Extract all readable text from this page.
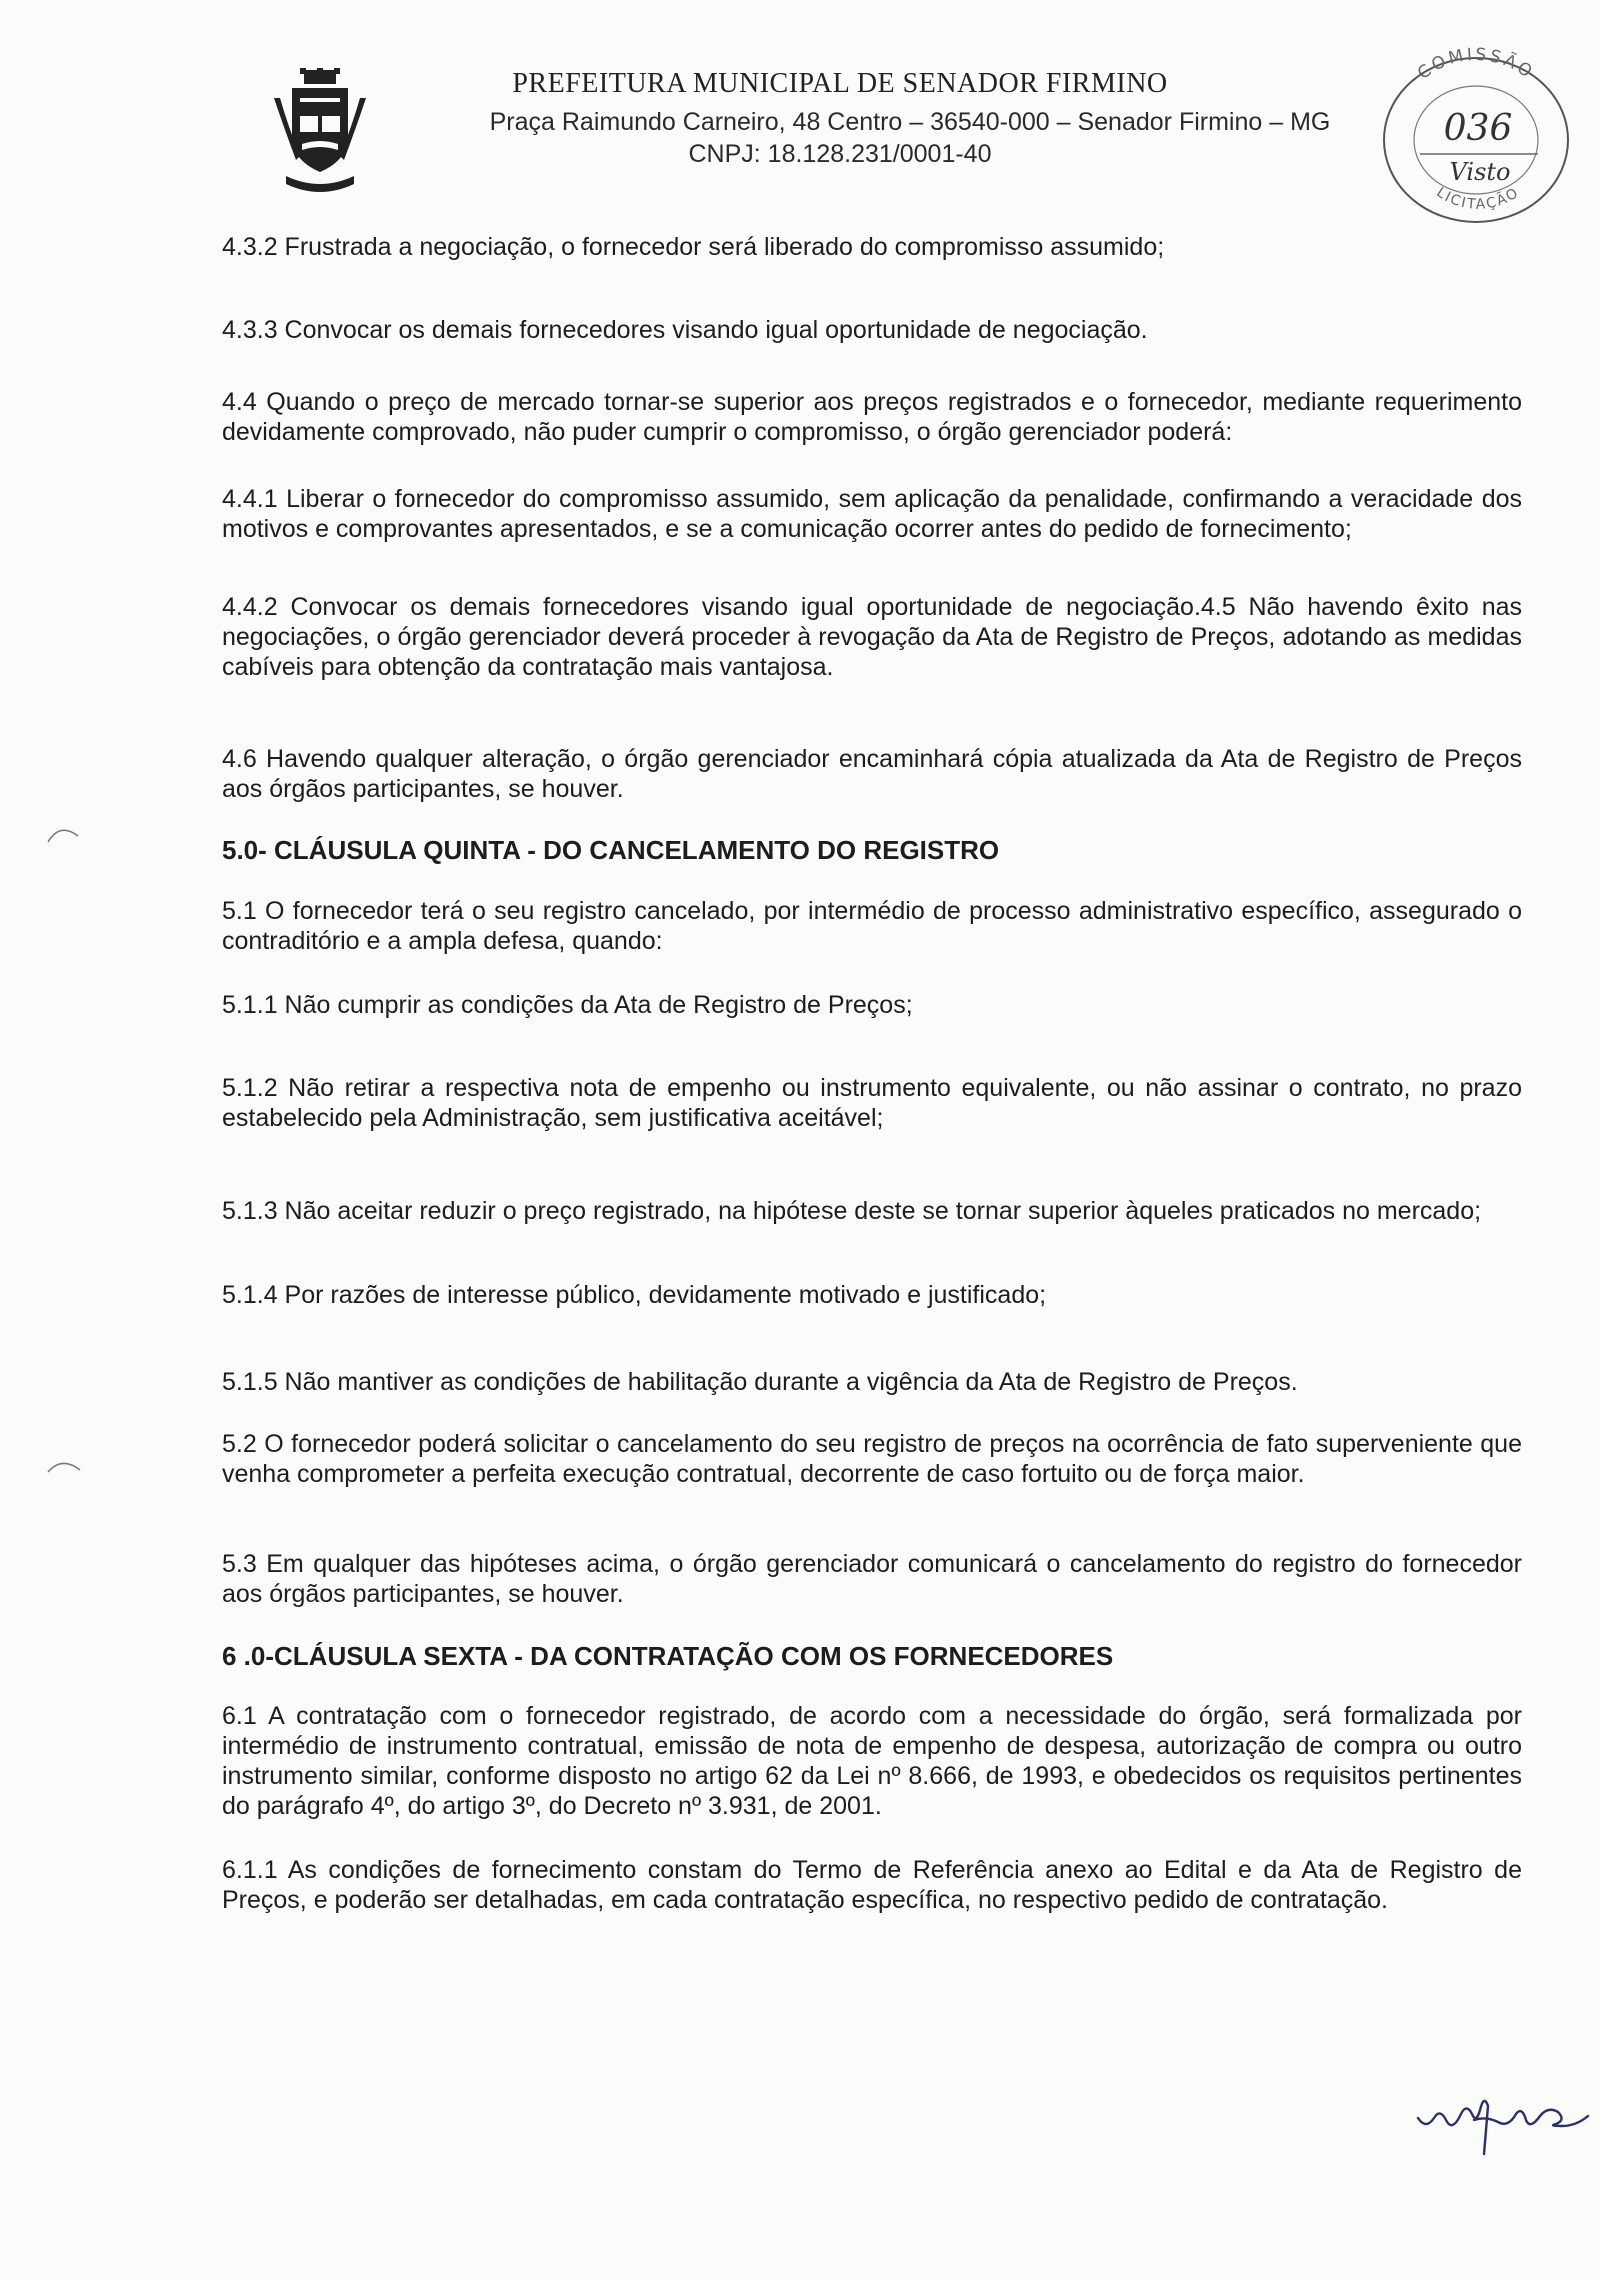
PREFEITURA MUNICIPAL DE SENADOR FIRMINO
Praça Raimundo Carneiro, 48 Centro – 36540-000 – Senador Firmino – MG
CNPJ: 18.128.231/0001-40
COMISSÃO
LICITAÇÃO
036
Visto

4.3.2 Frustrada a negociação, o fornecedor será liberado do compromisso assumido;

4.3.3 Convocar os demais fornecedores visando igual oportunidade de negociação.

4.4 Quando o preço de mercado tornar-se superior aos preços registrados e o fornecedor, mediante requerimento devidamente comprovado, não puder cumprir o compromisso, o órgão gerenciador poderá:

4.4.1 Liberar o fornecedor do compromisso assumido, sem aplicação da penalidade, confirmando a veracidade dos motivos e comprovantes apresentados, e se a comunicação ocorrer antes do pedido de fornecimento;

4.4.2 Convocar os demais fornecedores visando igual oportunidade de negociação.4.5 Não havendo êxito nas negociações, o órgão gerenciador deverá proceder à revogação da Ata de Registro de Preços, adotando as medidas cabíveis para obtenção da contratação mais vantajosa.

4.6 Havendo qualquer alteração, o órgão gerenciador encaminhará cópia atualizada da Ata de Registro de Preços aos órgãos participantes, se houver.

5.0- CLÁUSULA QUINTA - DO CANCELAMENTO DO REGISTRO

5.1 O fornecedor terá o seu registro cancelado, por intermédio de processo administrativo específico, assegurado o contraditório e a ampla defesa, quando:

5.1.1 Não cumprir as condições da Ata de Registro de Preços;

5.1.2 Não retirar a respectiva nota de empenho ou instrumento equivalente, ou não assinar o contrato, no prazo estabelecido pela Administração, sem justificativa aceitável;

5.1.3 Não aceitar reduzir o preço registrado, na hipótese deste se tornar superior àqueles praticados no mercado;

5.1.4 Por razões de interesse público, devidamente motivado e justificado;

5.1.5 Não mantiver as condições de habilitação durante a vigência da Ata de Registro de Preços.

5.2 O fornecedor poderá solicitar o cancelamento do seu registro de preços na ocorrência de fato superveniente que venha comprometer a perfeita execução contratual, decorrente de caso fortuito ou de força maior.

5.3 Em qualquer das hipóteses acima, o órgão gerenciador comunicará o cancelamento do registro do fornecedor aos órgãos participantes, se houver.

6 .0-CLÁUSULA SEXTA - DA CONTRATAÇÃO COM OS FORNECEDORES

6.1 A contratação com o fornecedor registrado, de acordo com a necessidade do órgão, será formalizada por intermédio de instrumento contratual, emissão de nota de empenho de despesa, autorização de compra ou outro instrumento similar, conforme disposto no artigo 62 da Lei nº 8.666, de 1993, e obedecidos os requisitos pertinentes do parágrafo 4º, do artigo 3º, do Decreto nº 3.931, de 2001.

6.1.1 As condições de fornecimento constam do Termo de Referência anexo ao Edital e da Ata de Registro de Preços, e poderão ser detalhadas, em cada contratação específica, no respectivo pedido de contratação.
